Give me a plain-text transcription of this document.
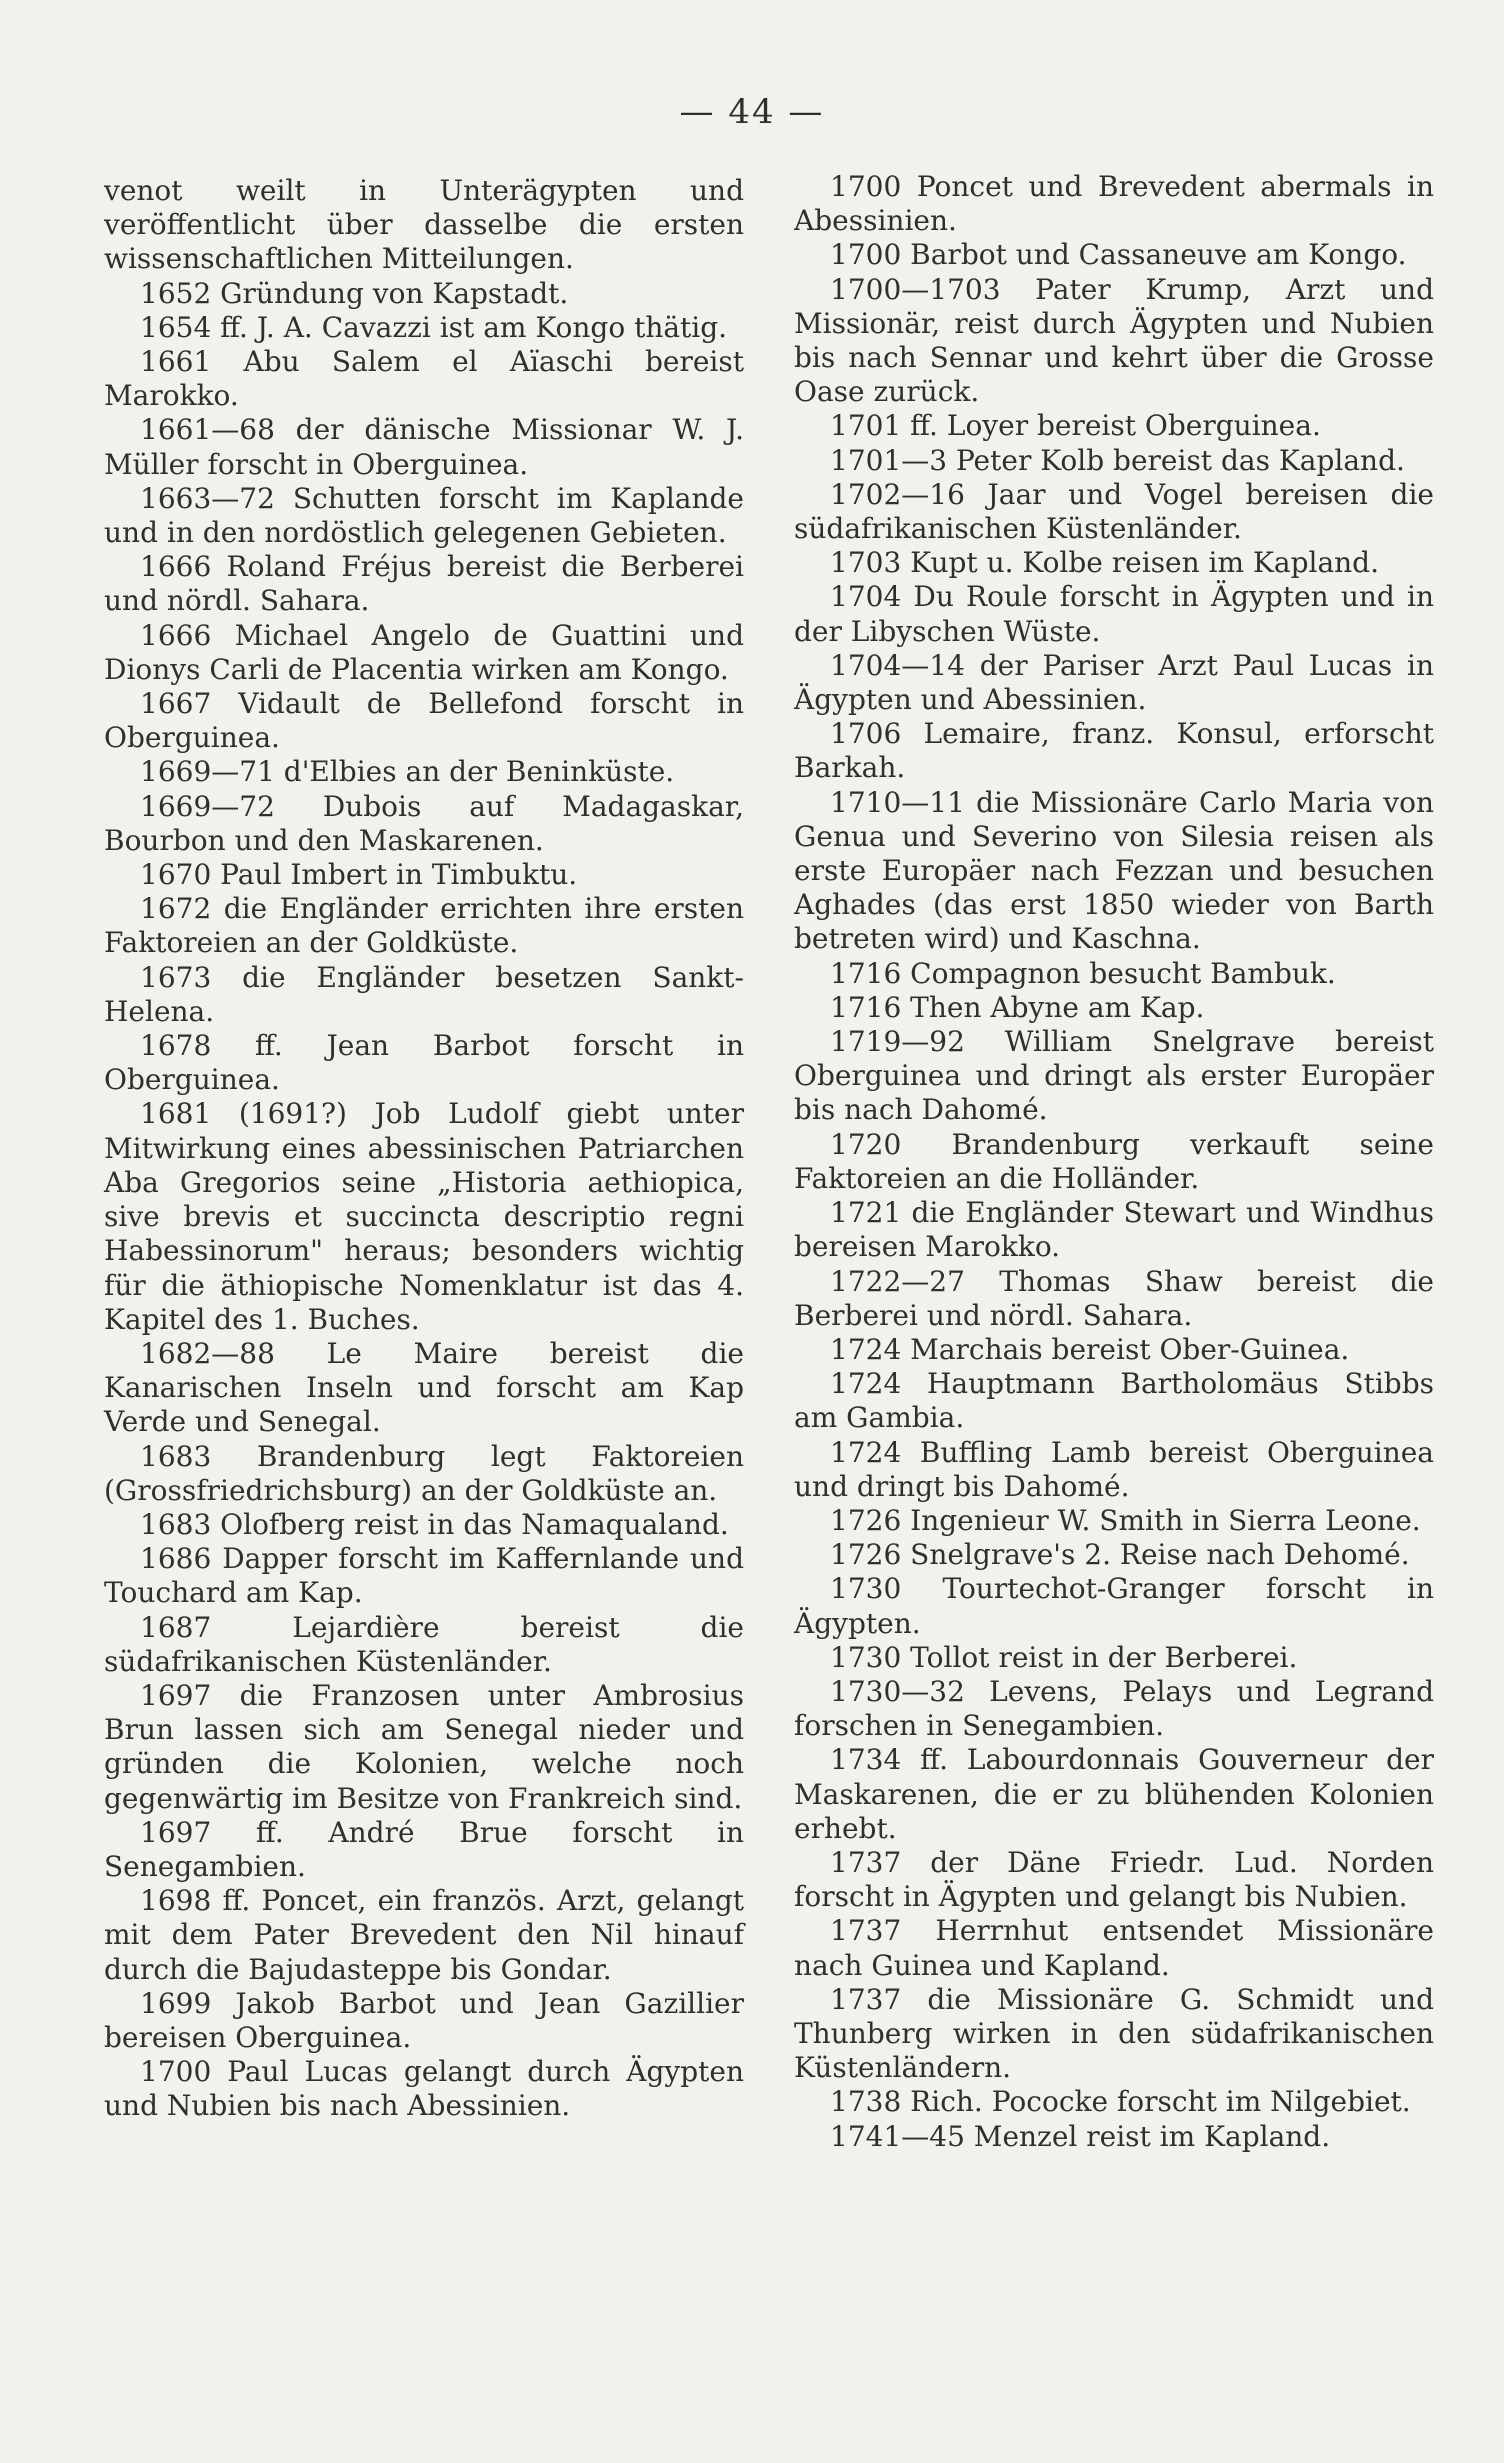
— 44 —

venot weilt in Unterägypten und veröffentlicht über dasselbe die ersten wissenschaftlichen Mitteilungen.

1652 Gründung von Kapstadt.

1654 ff. J. A. Cavazzi ist am Kongo thätig.

1661 Abu Salem el Aïaschi bereist Marokko.

1661—68 der dänische Missionar W. J. Müller forscht in Oberguinea.

1663—72 Schutten forscht im Kaplande und in den nordöstlich gelegenen Gebieten.

1666 Roland Fréjus bereist die Berberei und nördl. Sahara.

1666 Michael Angelo de Guattini und Dionys Carli de Placentia wirken am Kongo.

1667 Vidault de Bellefond forscht in Oberguinea.

1669—71 d'Elbies an der Beninküste.

1669—72 Dubois auf Madagaskar, Bourbon und den Maskarenen.

1670 Paul Imbert in Timbuktu.

1672 die Engländer errichten ihre ersten Faktoreien an der Goldküste.

1673 die Engländer besetzen Sankt-Helena.

1678 ff. Jean Barbot forscht in Oberguinea.

1681 (1691?) Job Ludolf giebt unter Mitwirkung eines abessinischen Patriarchen Aba Gregorios seine „Historia aethiopica, sive brevis et succincta descriptio regni Habessinorum" heraus; besonders wichtig für die äthiopische Nomenklatur ist das 4. Kapitel des 1. Buches.

1682—88 Le Maire bereist die Kanarischen Inseln und forscht am Kap Verde und Senegal.

1683 Brandenburg legt Faktoreien (Grossfriedrichsburg) an der Goldküste an.

1683 Olofberg reist in das Namaqualand.

1686 Dapper forscht im Kaffernlande und Touchard am Kap.

1687 Lejardière bereist die südafrikanischen Küstenländer.

1697 die Franzosen unter Ambrosius Brun lassen sich am Senegal nieder und gründen die Kolonien, welche noch gegenwärtig im Besitze von Frankreich sind.

1697 ff. André Brue forscht in Senegambien.

1698 ff. Poncet, ein französ. Arzt, gelangt mit dem Pater Brevedent den Nil hinauf durch die Bajudasteppe bis Gondar.

1699 Jakob Barbot und Jean Gazillier bereisen Oberguinea.

1700 Paul Lucas gelangt durch Ägypten und Nubien bis nach Abessinien.

1700 Poncet und Brevedent abermals in Abessinien.

1700 Barbot und Cassaneuve am Kongo.

1700—1703 Pater Krump, Arzt und Missionär, reist durch Ägypten und Nubien bis nach Sennar und kehrt über die Grosse Oase zurück.

1701 ff. Loyer bereist Oberguinea.

1701—3 Peter Kolb bereist das Kapland.

1702—16 Jaar und Vogel bereisen die südafrikanischen Küstenländer.

1703 Kupt u. Kolbe reisen im Kapland.

1704 Du Roule forscht in Ägypten und in der Libyschen Wüste.

1704—14 der Pariser Arzt Paul Lucas in Ägypten und Abessinien.

1706 Lemaire, franz. Konsul, erforscht Barkah.

1710—11 die Missionäre Carlo Maria von Genua und Severino von Silesia reisen als erste Europäer nach Fezzan und besuchen Aghades (das erst 1850 wieder von Barth betreten wird) und Kaschna.

1716 Compagnon besucht Bambuk.

1716 Then Abyne am Kap.

1719—92 William Snelgrave bereist Oberguinea und dringt als erster Europäer bis nach Dahomé.

1720 Brandenburg verkauft seine Faktoreien an die Holländer.

1721 die Engländer Stewart und Windhus bereisen Marokko.

1722—27 Thomas Shaw bereist die Berberei und nördl. Sahara.

1724 Marchais bereist Ober-Guinea.

1724 Hauptmann Bartholomäus Stibbs am Gambia.

1724 Buffling Lamb bereist Oberguinea und dringt bis Dahomé.

1726 Ingenieur W. Smith in Sierra Leone.

1726 Snelgrave's 2. Reise nach Dehomé.

1730 Tourtechot-Granger forscht in Ägypten.

1730 Tollot reist in der Berberei.

1730—32 Levens, Pelays und Legrand forschen in Senegambien.

1734 ff. Labourdonnais Gouverneur der Maskarenen, die er zu blühenden Kolonien erhebt.

1737 der Däne Friedr. Lud. Norden forscht in Ägypten und gelangt bis Nubien.

1737 Herrnhut entsendet Missionäre nach Guinea und Kapland.

1737 die Missionäre G. Schmidt und Thunberg wirken in den südafrikanischen Küstenländern.

1738 Rich. Pococke forscht im Nilgebiet.

1741—45 Menzel reist im Kapland.
